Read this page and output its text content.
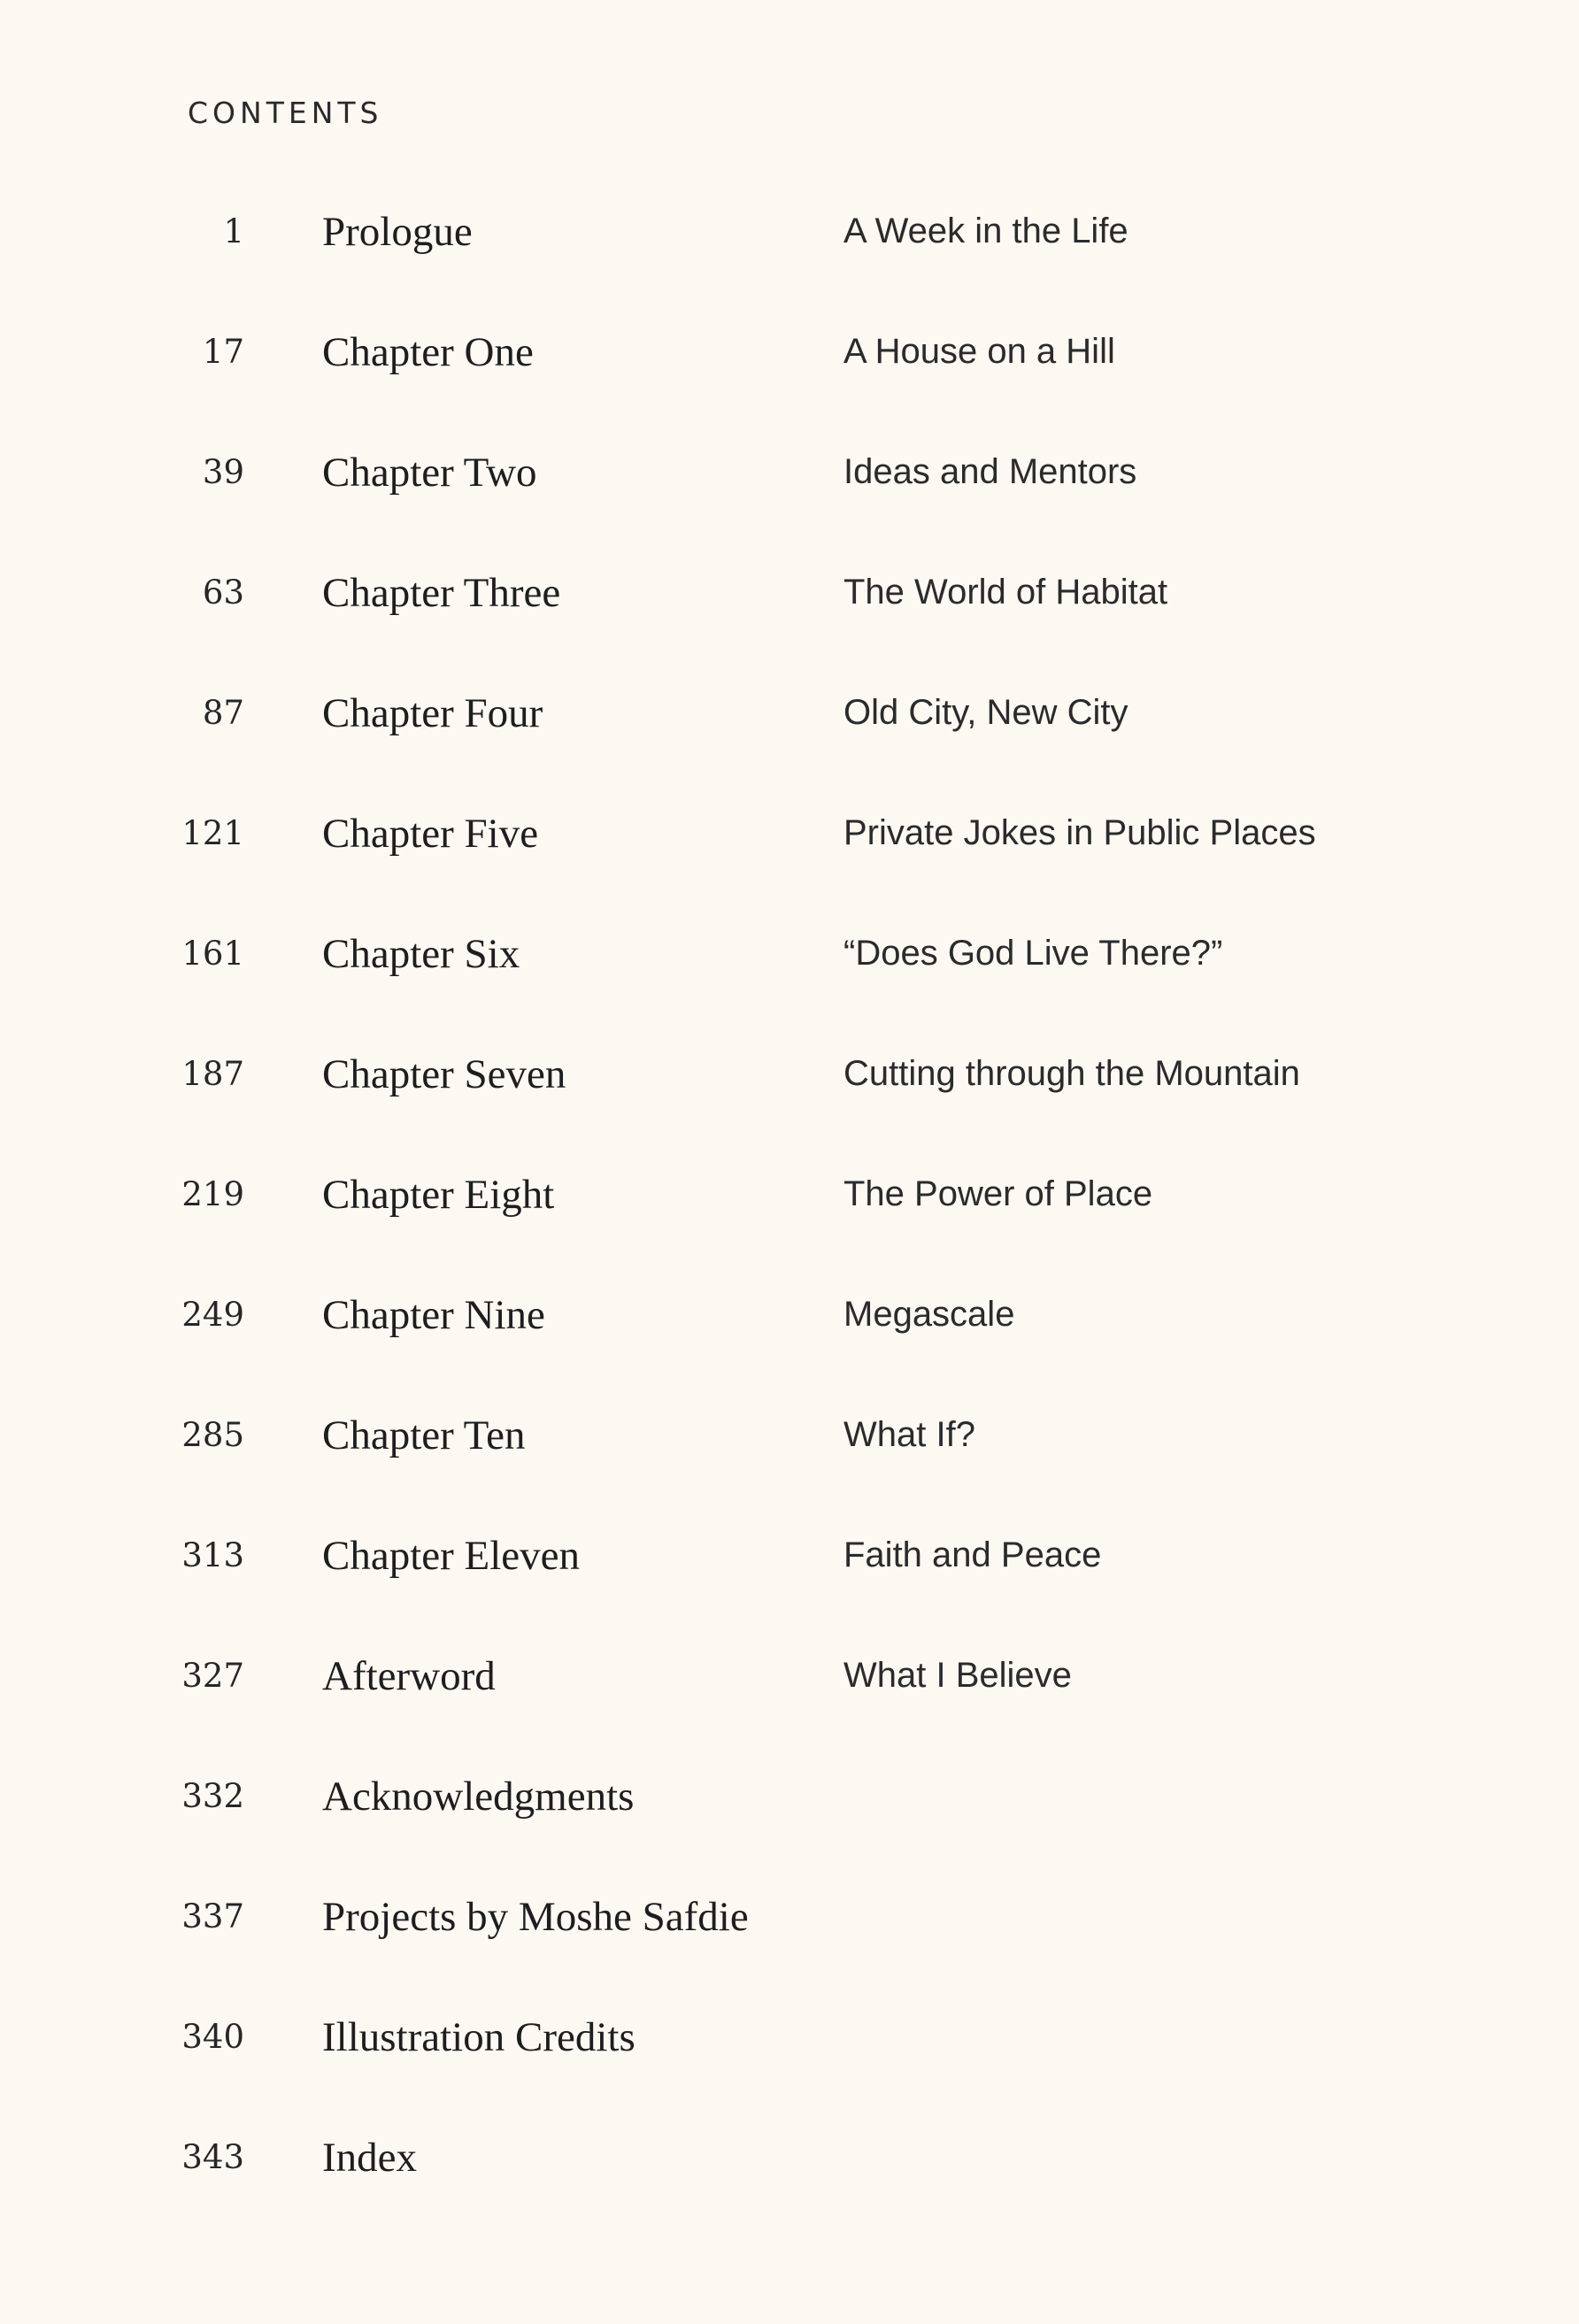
CONTENTS
1 Prologue	A Week in the Life
17 Chapter One	A House on a Hill
39 Chapter Two	Ideas and Mentors
63 Chapter Three	The World of Habitat
87 Chapter Four	Old City, New City
121 Chapter Five	Private Jokes in Public Places
161 Chapter Six	“Does God Live There?”
187 Chapter Seven	Cutting through the Mountain
219 Chapter Eight	The Power of Place
249 Chapter Nine	Megascale
285 Chapter Ten	What If?
313 Chapter Eleven	Faith and Peace
327 Afterword	What I Believe
332 Acknowledgments
337 Projects by Moshe Safdie
340 Illustration Credits
343 Index
